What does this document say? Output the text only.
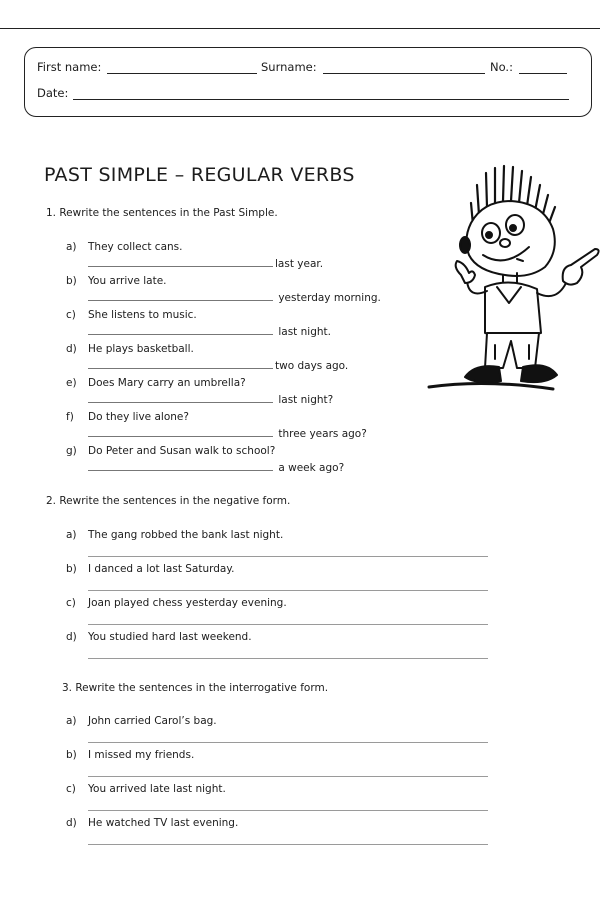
First name:	Surname:	No.:
Date:
PAST SIMPLE – REGULAR VERBS
1. Rewrite the sentences in the Past Simple.
a) They collect cans.
last year.
b) You arrive late.
yesterday morning.
c) She listens to music.
last night.
d) He plays basketball.
two days ago.
e) Does Mary carry an umbrella?
last night?
f) Do they live alone?
three years ago?
g) Do Peter and Susan walk to school?
a week ago?
2. Rewrite the sentences in the negative form.
a) The gang robbed the bank last night.
b) I danced a lot last Saturday.
c) Joan played chess yesterday evening.
d) You studied hard last weekend.
3. Rewrite the sentences in the interrogative form.
a) John carried Carol’s bag.
b) I missed my friends.
c) You arrived late last night.
d) He watched TV last evening.
